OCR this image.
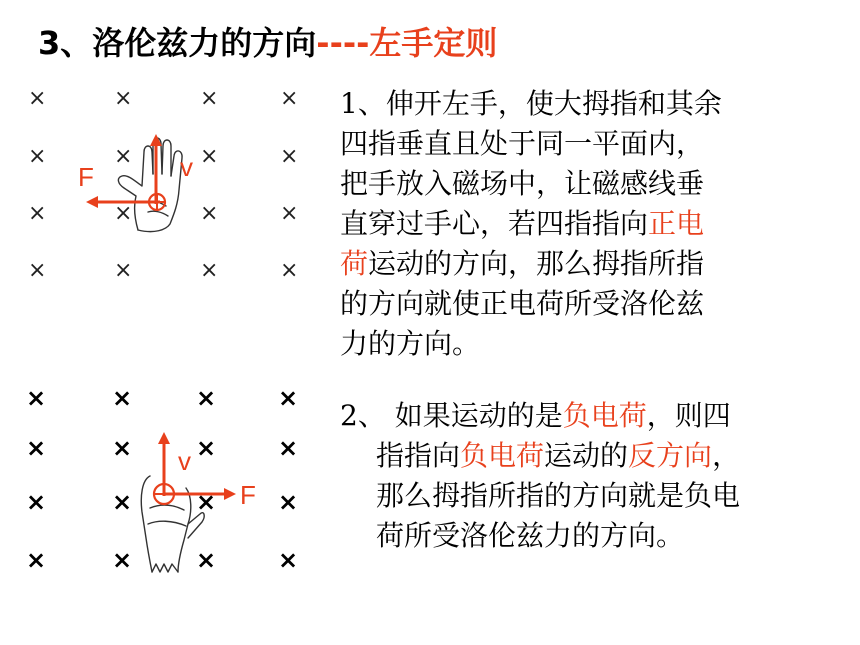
3、洛伦兹力的方向----左手定则
1、伸开左手，使大拇指和其余
四指垂直且处于同一平面内，
把手放入磁场中，让磁感线垂
直穿过手心，若四指指向正电
荷运动的方向，那么拇指所指
的方向就使正电荷所受洛伦兹
力的方向。
2、 如果运动的是负电荷，则四
指指向负电荷运动的反方向，
那么拇指所指的方向就是负电
荷所受洛伦兹力的方向。
×
×
×
×
×
×
×
×
×
×
×
×
×
×
×
×
F	v
×
×
×
×
×
×
×
×
×
×
×
×
×
×
×
×
v
F
